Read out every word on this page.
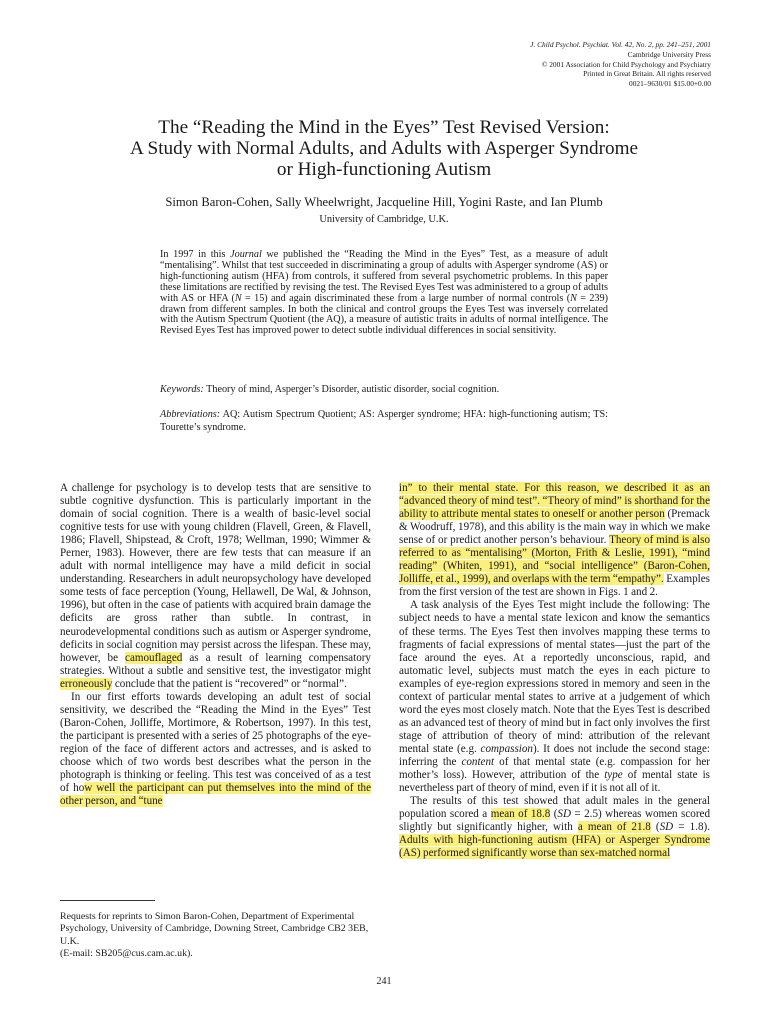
J. Child Psychol. Psychiat. Vol. 42, No. 2, pp. 241–251, 2001
Cambridge University Press
© 2001 Association for Child Psychology and Psychiatry
Printed in Great Britain. All rights reserved
0021–9630/01 $15.00+0.00
The “Reading the Mind in the Eyes” Test Revised Version:
A Study with Normal Adults, and Adults with Asperger Syndrome
or High-functioning Autism
Simon Baron-Cohen, Sally Wheelwright, Jacqueline Hill, Yogini Raste, and Ian Plumb
University of Cambridge, U.K.

In 1997 in this Journal we published the “Reading the Mind in the Eyes” Test, as a measure of adult “mentalising”. Whilst that test succeeded in discriminating a group of adults with Asperger syndrome (AS) or high-functioning autism (HFA) from controls, it suffered from several psychometric problems. In this paper these limitations are rectified by revising the test. The Revised Eyes Test was administered to a group of adults with AS or HFA (N = 15) and again discriminated these from a large number of normal controls (N = 239) drawn from different samples. In both the clinical and control groups the Eyes Test was inversely correlated with the Autism Spectrum Quotient (the AQ), a measure of autistic traits in adults of normal intelligence. The Revised Eyes Test has improved power to detect subtle individual differences in social sensitivity.

Keywords: Theory of mind, Asperger’s Disorder, autistic disorder, social cognition.

Abbreviations: AQ: Autism Spectrum Quotient; AS: Asperger syndrome; HFA: high-functioning autism; TS: Tourette’s syndrome.

A challenge for psychology is to develop tests that are sensitive to subtle cognitive dysfunction. This is particularly important in the domain of social cognition. There is a wealth of basic-level social cognitive tests for use with young children (Flavell, Green, & Flavell, 1986; Flavell, Shipstead, & Croft, 1978; Wellman, 1990; Wimmer & Perner, 1983). However, there are few tests that can measure if an adult with normal intelligence may have a mild deficit in social understanding. Researchers in adult neuropsychology have developed some tests of face perception (Young, Hellawell, De Wal, & Johnson, 1996), but often in the case of patients with acquired brain damage the deficits are gross rather than subtle. In contrast, in neurodevelopmental conditions such as autism or Asperger syndrome, deficits in social cognition may persist across the lifespan. These may, however, be camouflaged as a result of learning compensatory strategies. Without a subtle and sensitive test, the investigator might erroneously conclude that the patient is “recovered” or “normal”.

In our first efforts towards developing an adult test of social sensitivity, we described the “Reading the Mind in the Eyes” Test (Baron-Cohen, Jolliffe, Mortimore, & Robertson, 1997). In this test, the participant is presented with a series of 25 photographs of the eye-region of the face of different actors and actresses, and is asked to choose which of two words best describes what the person in the photograph is thinking or feeling. This test was conceived of as a test of how well the participant can put themselves into the mind of the other person, and “tune

in” to their mental state. For this reason, we described it as an “advanced theory of mind test”. “Theory of mind” is shorthand for the ability to attribute mental states to oneself or another person (Premack & Woodruff, 1978), and this ability is the main way in which we make sense of or predict another person’s behaviour. Theory of mind is also referred to as “mentalising” (Morton, Frith & Leslie, 1991), “mind reading” (Whiten, 1991), and “social intelligence” (Baron-Cohen, Jolliffe, et al., 1999), and overlaps with the term “empathy”. Examples from the first version of the test are shown in Figs. 1 and 2.

A task analysis of the Eyes Test might include the following: The subject needs to have a mental state lexicon and know the semantics of these terms. The Eyes Test then involves mapping these terms to fragments of facial expressions of mental states—just the part of the face around the eyes. At a reportedly unconscious, rapid, and automatic level, subjects must match the eyes in each picture to examples of eye-region expressions stored in memory and seen in the context of particular mental states to arrive at a judgement of which word the eyes most closely match. Note that the Eyes Test is described as an advanced test of theory of mind but in fact only involves the first stage of attribution of theory of mind: attribution of the relevant mental state (e.g. compassion). It does not include the second stage: inferring the content of that mental state (e.g. compassion for her mother’s loss). However, attribution of the type of mental state is nevertheless part of theory of mind, even if it is not all of it.

The results of this test showed that adult males in the general population scored a mean of 18.8 (SD = 2.5) whereas women scored slightly but significantly higher, with a mean of 21.8 (SD = 1.8). Adults with high-functioning autism (HFA) or Asperger Syndrome (AS) performed significantly worse than sex-matched normal

Requests for reprints to Simon Baron-Cohen, Department of Experimental Psychology, University of Cambridge, Downing Street, Cambridge CB2 3EB, U.K.
(E-mail: SB205@cus.cam.ac.uk).

241
